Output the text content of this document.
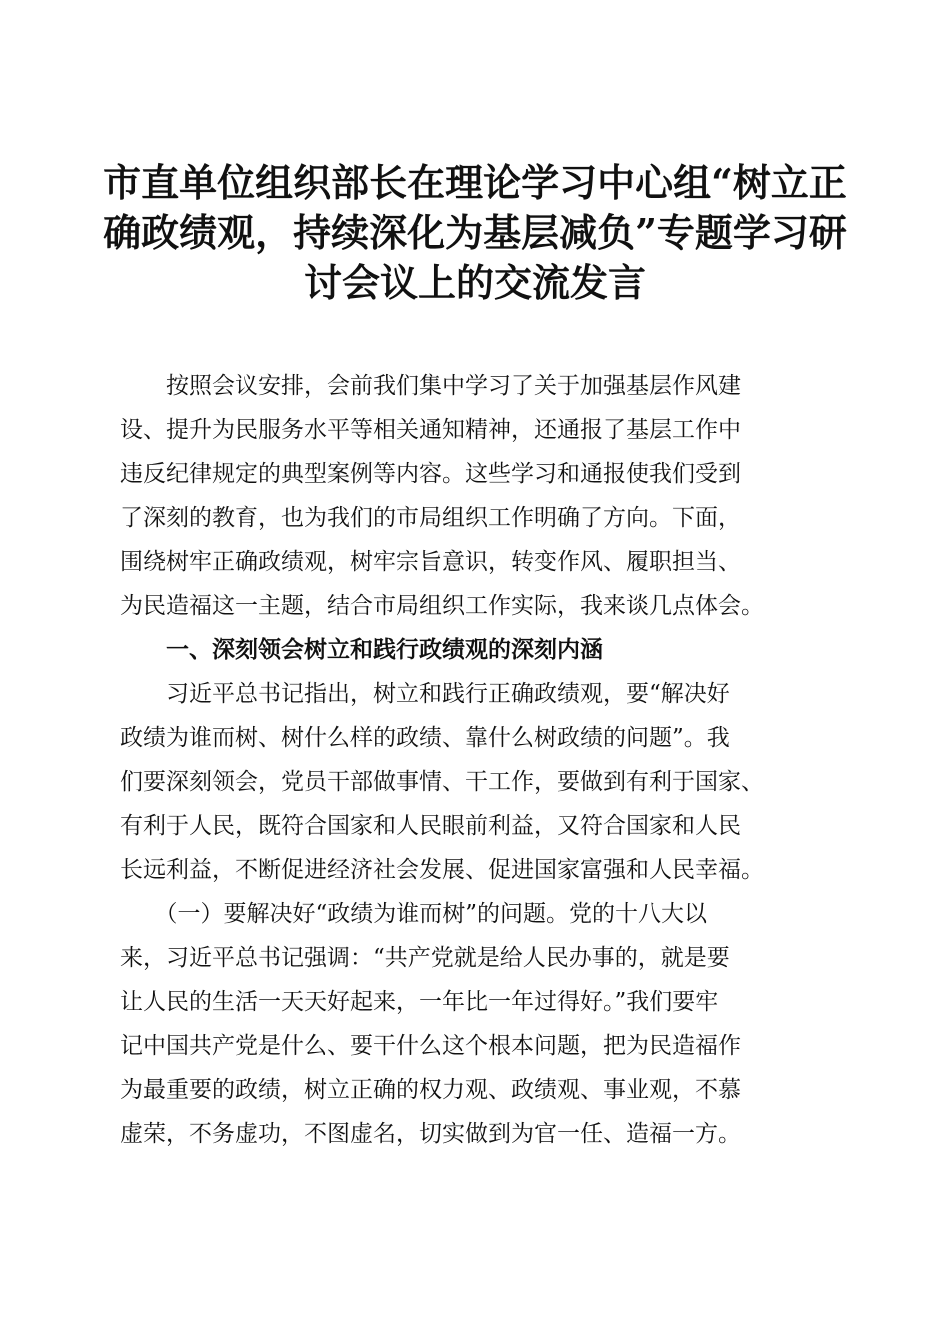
市直单位组织部长在理论学习中心组“树立正
确政绩观，持续深化为基层减负”专题学习研
讨会议上的交流发言
　　按照会议安排，会前我们集中学习了关于加强基层作风建
设、提升为民服务水平等相关通知精神，还通报了基层工作中
违反纪律规定的典型案例等内容。这些学习和通报使我们受到
了深刻的教育，也为我们的市局组织工作明确了方向。下面，
围绕树牢正确政绩观，树牢宗旨意识，转变作风、履职担当、
为民造福这一主题，结合市局组织工作实际，我来谈几点体会。
　　一、深刻领会树立和践行政绩观的深刻内涵
　　习近平总书记指出，树立和践行正确政绩观，要“解决好
政绩为谁而树、树什么样的政绩、靠什么树政绩的问题”。我
们要深刻领会，党员干部做事情、干工作，要做到有利于国家、
有利于人民，既符合国家和人民眼前利益，又符合国家和人民
长远利益，不断促进经济社会发展、促进国家富强和人民幸福。
　　（一）要解决好“政绩为谁而树”的问题。党的十八大以
来，习近平总书记强调：“共产党就是给人民办事的，就是要
让人民的生活一天天好起来，一年比一年过得好。”我们要牢
记中国共产党是什么、要干什么这个根本问题，把为民造福作
为最重要的政绩，树立正确的权力观、政绩观、事业观，不慕
虚荣，不务虚功，不图虚名，切实做到为官一任、造福一方。
